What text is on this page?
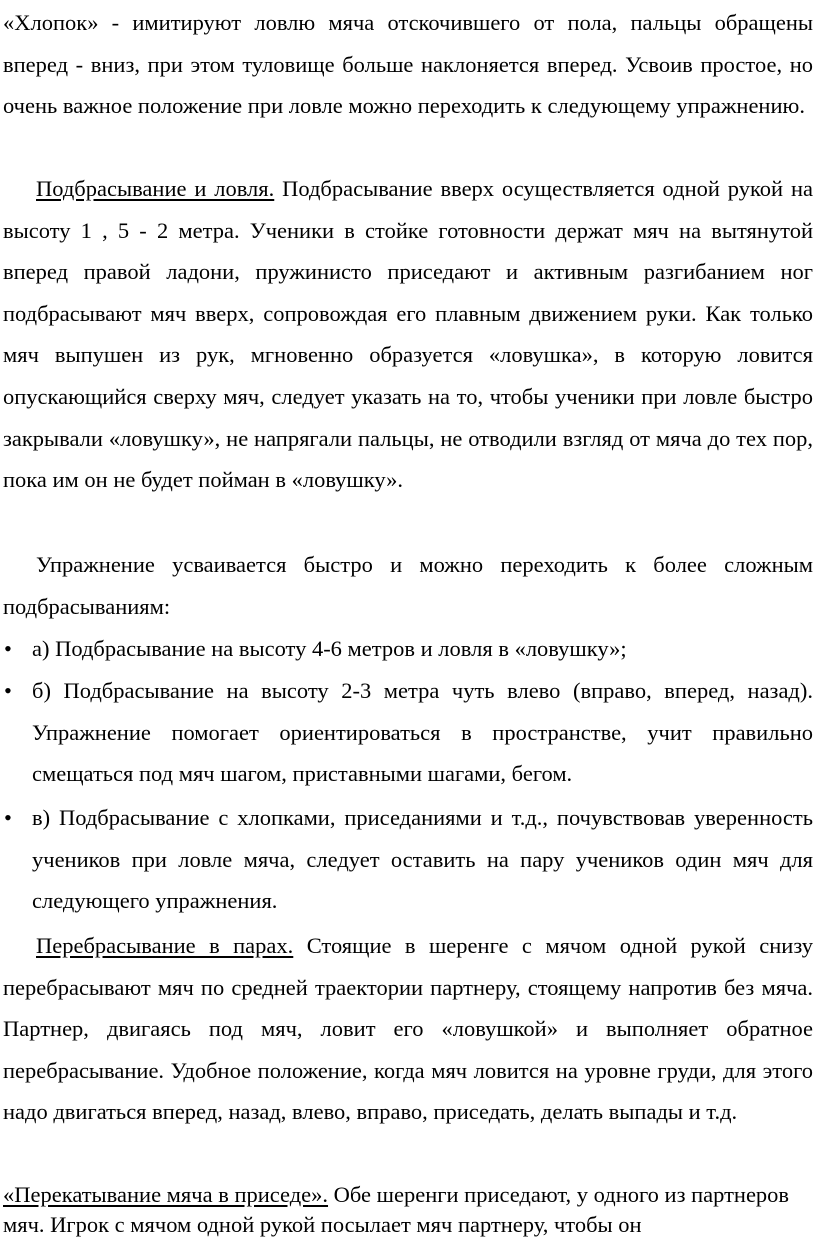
«Хлопок» - имитируют ловлю мяча отскочившего от пола, пальцы обращены вперед - вниз, при этом туловище больше наклоняется вперед. Усвоив простое, но очень важное положение при ловле можно переходить к следующему упражнению.

Подбрасывание и ловля. Подбрасывание вверх осуществляется одной рукой на высоту 1 , 5 - 2 метра. Ученики в стойке готовности держат мяч на вытянутой вперед правой ладони, пружинисто приседают и активным разгибанием ног подбрасывают мяч вверх, сопровождая его плавным движением руки. Как только мяч выпушен из рук, мгновенно образуется «ловушка», в которую ловится опускающийся сверху мяч, следует указать на то, чтобы ученики при ловле быстро закрывали «ловушку», не напрягали пальцы, не отводили взгляд от мяча до тех пор, пока им он не будет пойман в «ловушку».

Упражнение усваивается быстро и можно переходить к более сложным подбрасываниям:

• а) Подбрасывание на высоту 4-6 метров и ловля в «ловушку»;
• б) Подбрасывание на высоту 2-3 метра чуть влево (вправо, вперед, назад). Упражнение помогает ориентироваться в пространстве, учит правильно смещаться под мяч шагом, приставными шагами, бегом.
• в) Подбрасывание с хлопками, приседаниями и т.д., почувствовав уверенность учеников при ловле мяча, следует оставить на пару учеников один мяч для следующего упражнения.

Перебрасывание в парах. Стоящие в шеренге с мячом одной рукой снизу перебрасывают мяч по средней траектории партнеру, стоящему напротив без мяча. Партнер, двигаясь под мяч, ловит его «ловушкой» и выполняет обратное перебрасывание. Удобное положение, когда мяч ловится на уровне груди, для этого надо двигаться вперед, назад, влево, вправо, приседать, делать выпады и т.д.

«Перекатывание мяча в приседе». Обе шеренги приседают, у одного из партнеров мяч. Игрок с мячом одной рукой посылает мяч партнеру, чтобы он
